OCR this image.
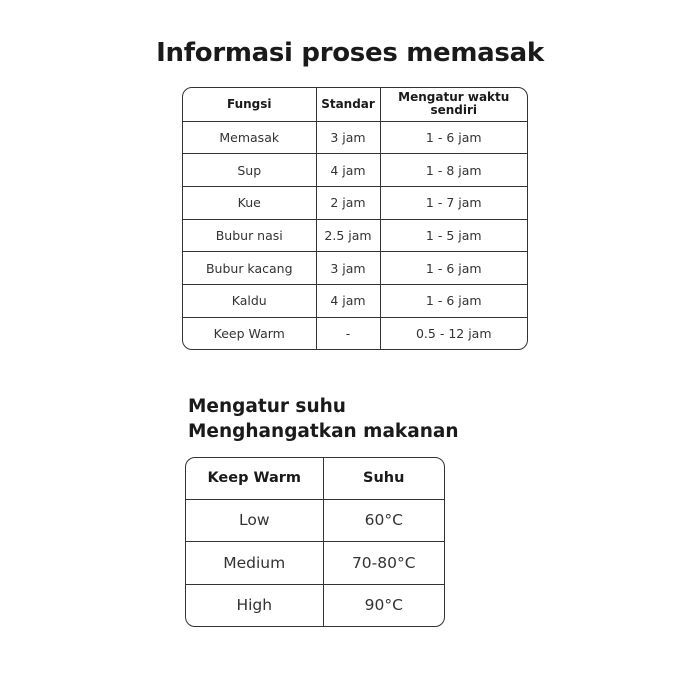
Informasi proses memasak
Fungsi	Standar	Mengatur waktu sendiri
Memasak	3 jam	1 - 6 jam
Sup	4 jam	1 - 8 jam
Kue	2 jam	1 - 7 jam
Bubur nasi	2.5 jam	1 - 5 jam
Bubur kacang	3 jam	1 - 6 jam
Kaldu	4 jam	1 - 6 jam
Keep Warm	-	0.5 - 12 jam
Mengatur suhu
Menghangatkan makanan
Keep Warm	Suhu
Low	60°C
Medium	70-80°C
High	90°C
